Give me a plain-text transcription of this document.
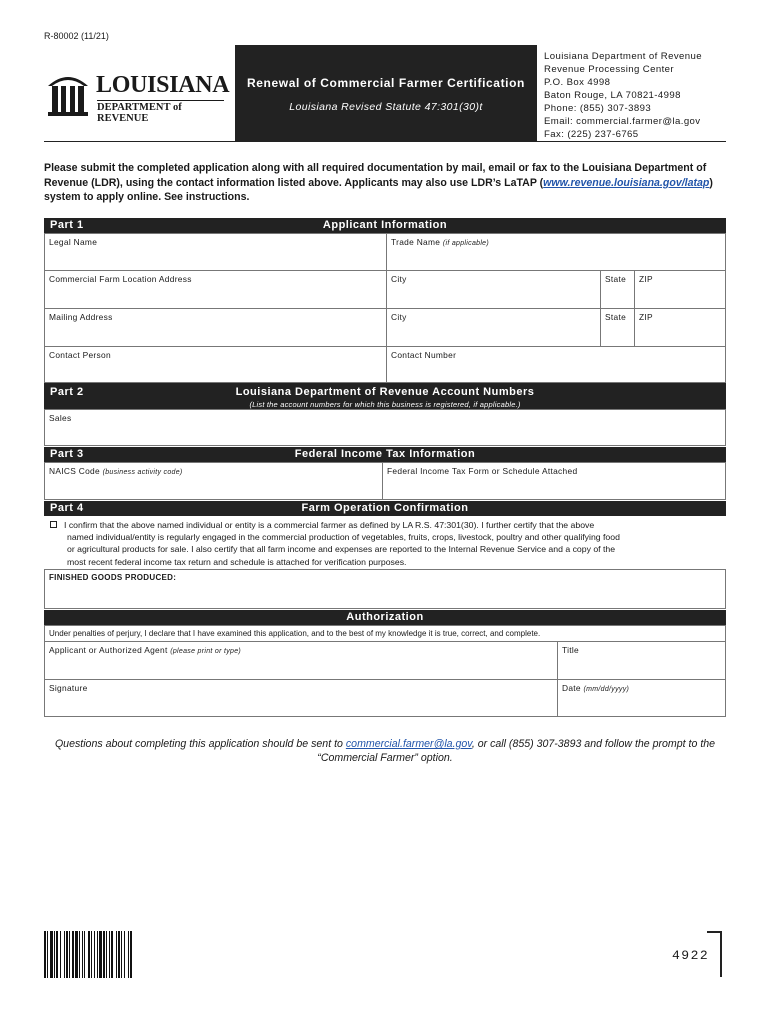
R-80002 (11/21)
LOUISIANA
DEPARTMENT of REVENUE
Renewal of Commercial Farmer Certification
Louisiana Revised Statute 47:301(30)t
Louisiana Department of Revenue
Revenue Processing Center
P.O. Box 4998
Baton Rouge, LA 70821-4998
Phone: (855) 307-3893
Email: commercial.farmer@la.gov
Fax: (225) 237-6765
Please submit the completed application along with all required documentation by mail, email or fax to the Louisiana Department of Revenue (LDR), using the contact information listed above. Applicants may also use LDR’s LaTAP (www.revenue.louisiana.gov/latap) system to apply online. See instructions.
Part 1	Applicant Information
Legal Name	Trade Name (if applicable)
Commercial Farm Location Address	City	State	ZIP
Mailing Address	City	State	ZIP
Contact Person	Contact Number
Part 2	Louisiana Department of Revenue Account Numbers
(List the account numbers for which this business is registered, if applicable.)
Sales
Part 3	Federal Income Tax Information
NAICS Code (business activity code)	Federal Income Tax Form or Schedule Attached
Part 4	Farm Operation Confirmation
I confirm that the above named individual or entity is a commercial farmer as defined by LA R.S. 47:301(30). I further certify that the above
named individual/entity is regularly engaged in the commercial production of vegetables, fruits, crops, livestock, poultry and other qualifying food
or agricultural products for sale. I also certify that all farm income and expenses are reported to the Internal Revenue Service and a copy of the
most recent federal income tax return and schedule is attached for verification purposes.
FINISHED GOODS PRODUCED:
Authorization
Under penalties of perjury, I declare that I have examined this application, and to the best of my knowledge it is true, correct, and complete.
Applicant or Authorized Agent (please print or type)	Title
Signature	Date (mm/dd/yyyy)
Questions about completing this application should be sent to commercial.farmer@la.gov, or call (855) 307-3893 and follow the prompt to the “Commercial Farmer” option.
4922
